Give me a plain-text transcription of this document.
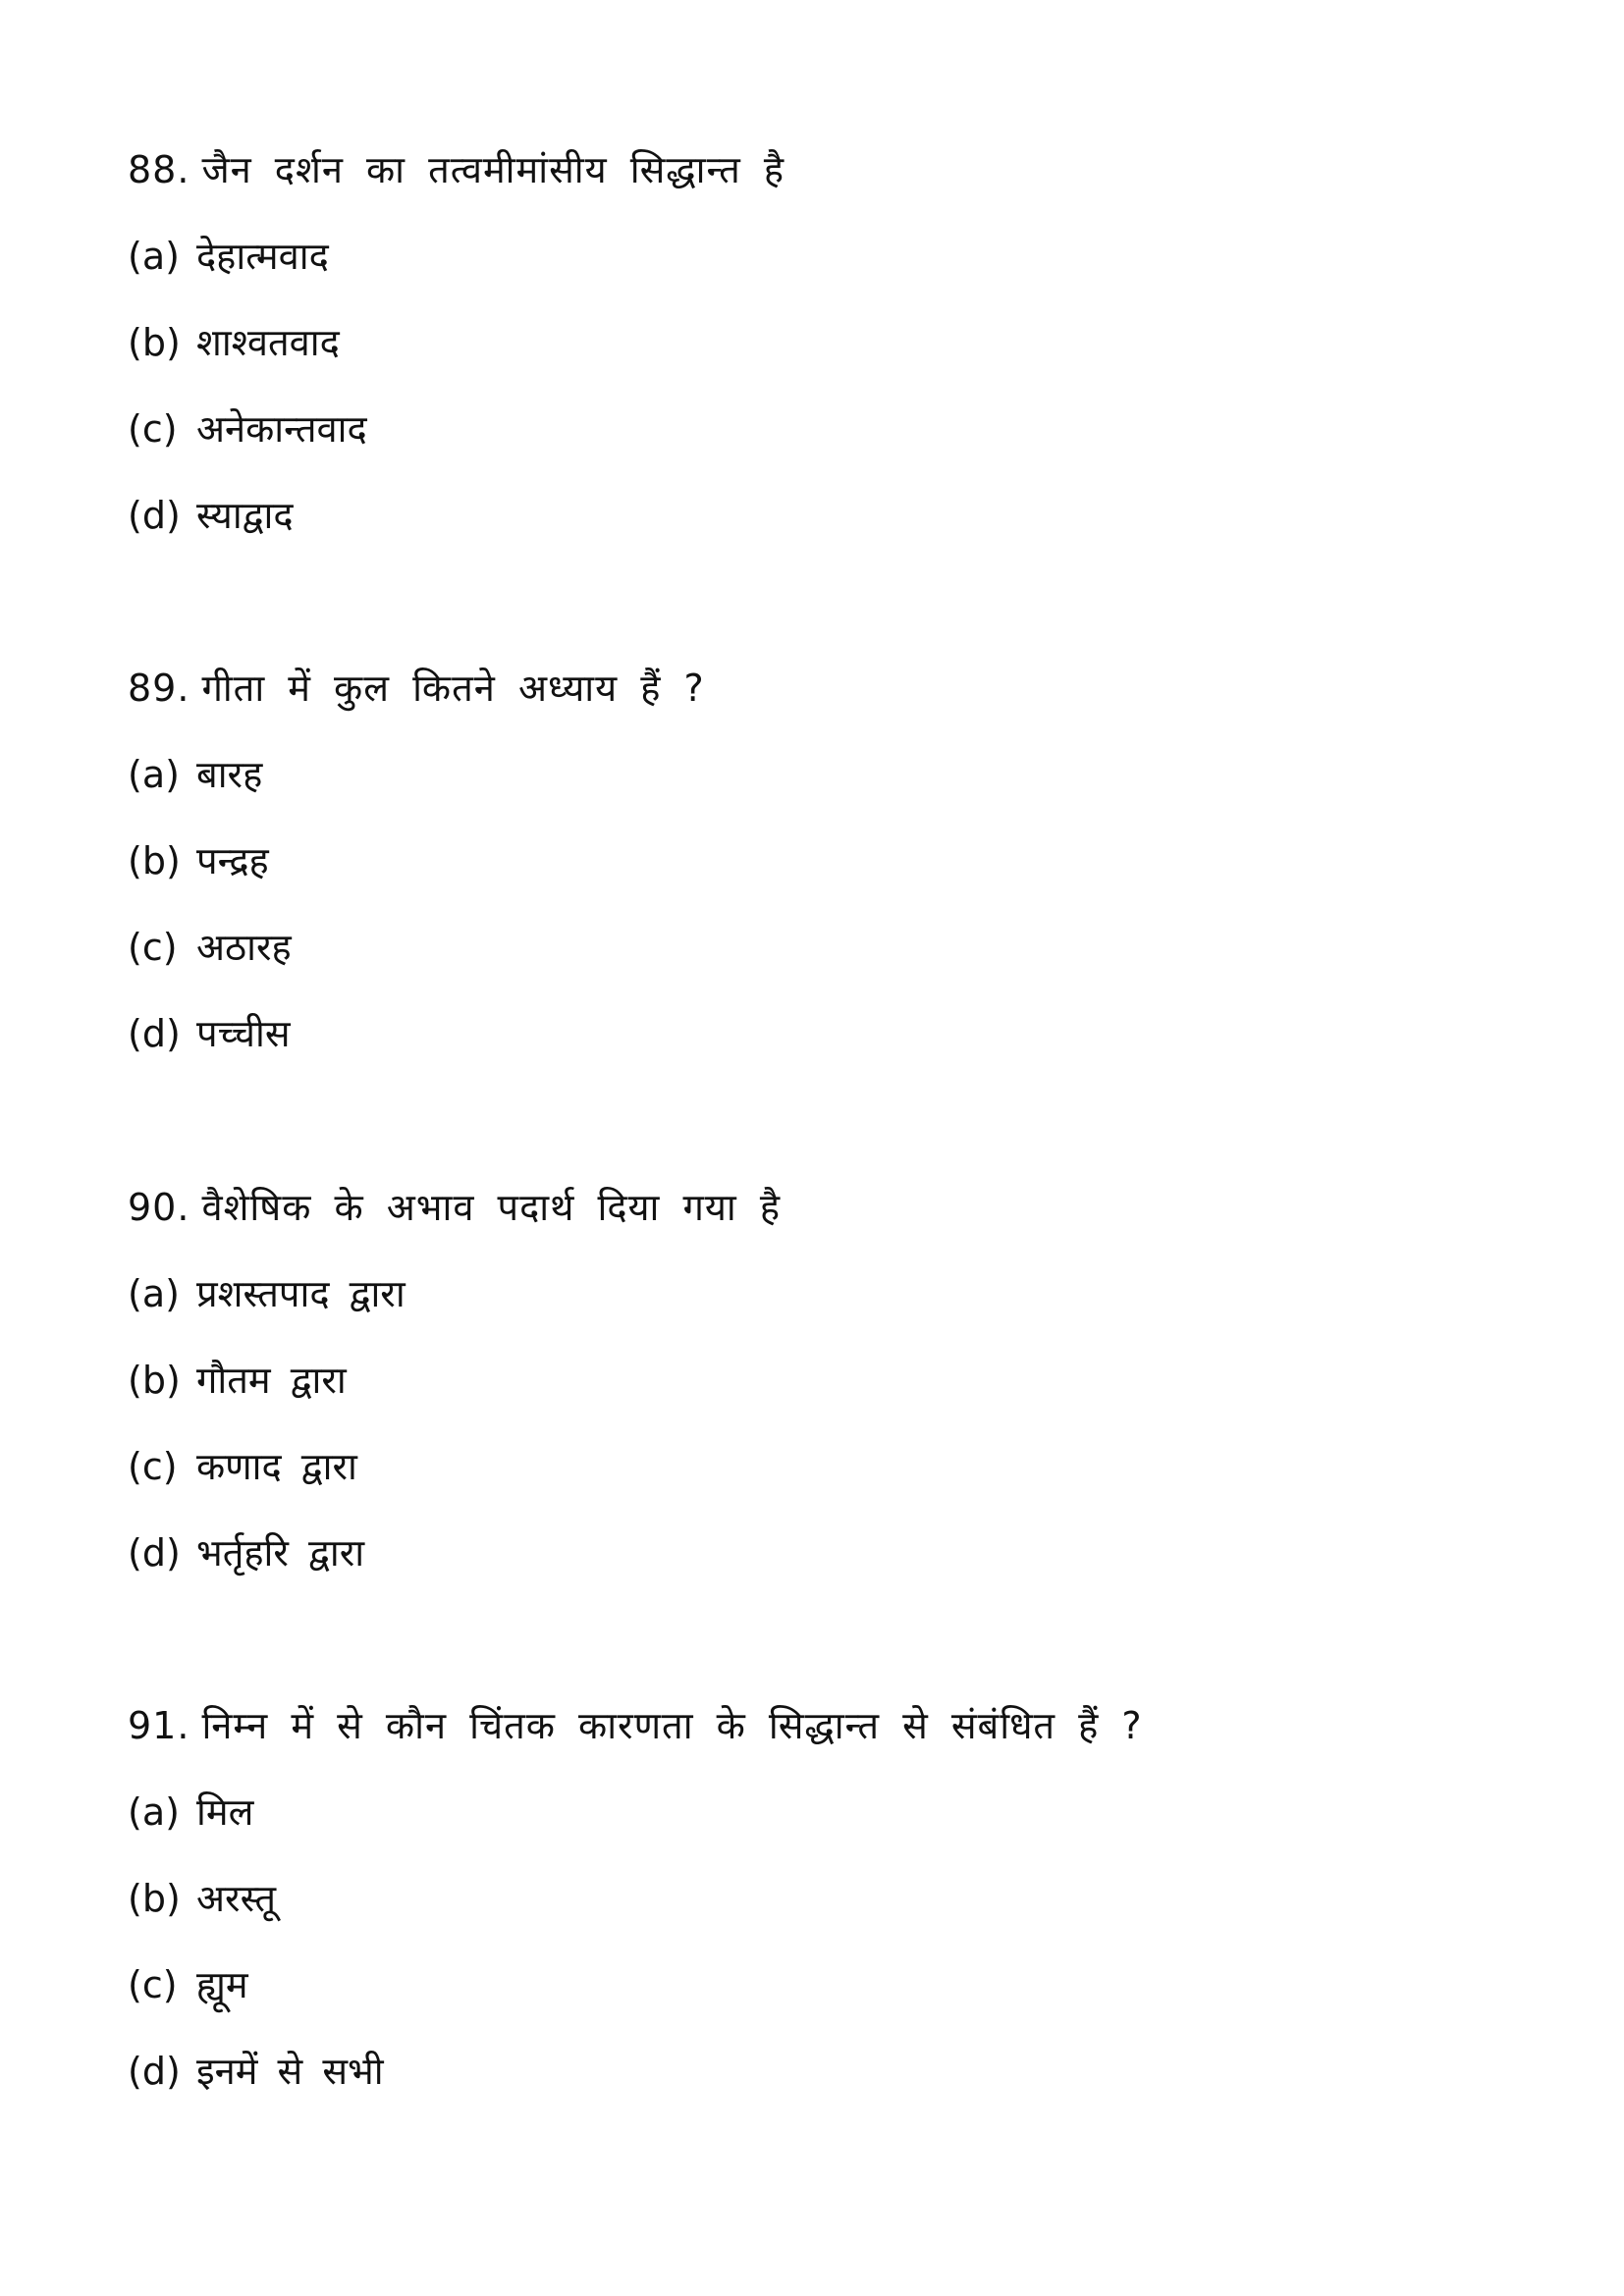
88. जैन दर्शन का तत्वमीमांसीय सिद्धान्त है
(a) देहात्मवाद
(b) शाश्वतवाद
(c) अनेकान्तवाद
(d) स्याद्वाद
89. गीता में कुल कितने अध्याय हैं ?
(a) बारह
(b) पन्द्रह
(c) अठारह
(d) पच्चीस
90. वैशेषिक के अभाव पदार्थ दिया गया है
(a) प्रशस्तपाद द्वारा
(b) गौतम द्वारा
(c) कणाद द्वारा
(d) भर्तृहरि द्वारा
91. निम्न में से कौन चिंतक कारणता के सिद्धान्त से संबंधित हैं ?
(a) मिल
(b) अरस्तू
(c) ह्यूम
(d) इनमें से सभी
